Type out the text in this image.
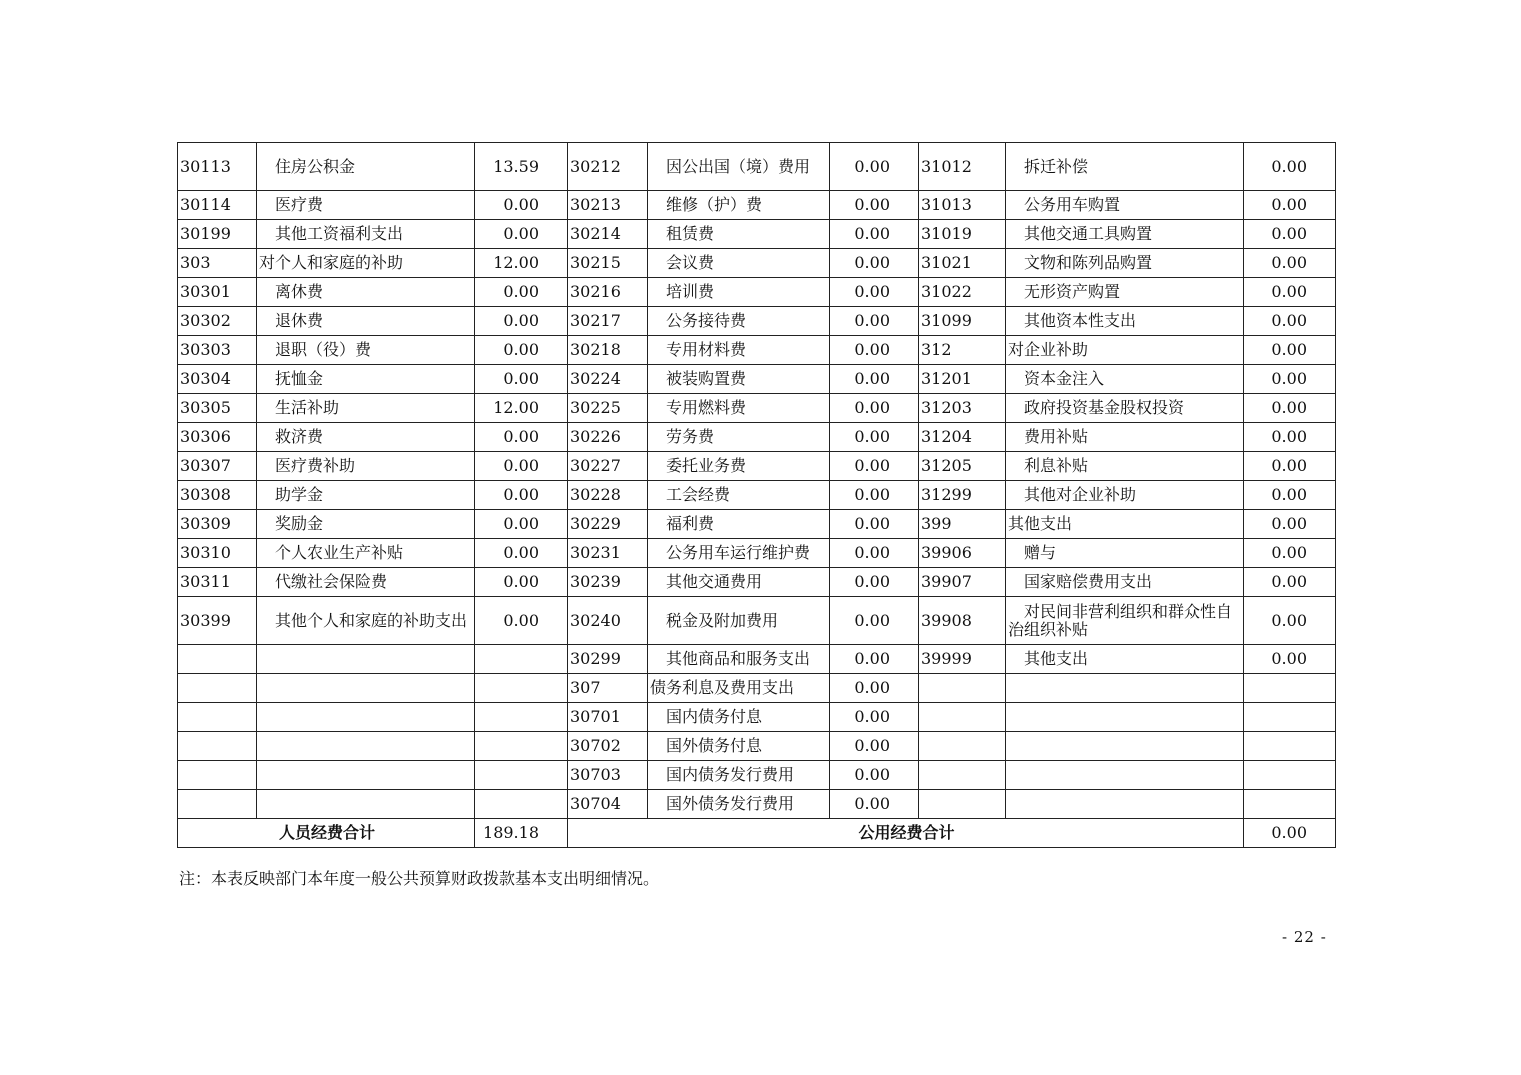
30113	住房公积金	13.59	30212	因公出国（境）费用	0.00	31012	拆迁补偿	0.00
30114	医疗费	0.00	30213	维修（护）费	0.00	31013	公务用车购置	0.00
30199	其他工资福利支出	0.00	30214	租赁费	0.00	31019	其他交通工具购置	0.00
303	对个人和家庭的补助	12.00	30215	会议费	0.00	31021	文物和陈列品购置	0.00
30301	离休费	0.00	30216	培训费	0.00	31022	无形资产购置	0.00
30302	退休费	0.00	30217	公务接待费	0.00	31099	其他资本性支出	0.00
30303	退职（役）费	0.00	30218	专用材料费	0.00	312	对企业补助	0.00
30304	抚恤金	0.00	30224	被装购置费	0.00	31201	资本金注入	0.00
30305	生活补助	12.00	30225	专用燃料费	0.00	31203	政府投资基金股权投资	0.00
30306	救济费	0.00	30226	劳务费	0.00	31204	费用补贴	0.00
30307	医疗费补助	0.00	30227	委托业务费	0.00	31205	利息补贴	0.00
30308	助学金	0.00	30228	工会经费	0.00	31299	其他对企业补助	0.00
30309	奖励金	0.00	30229	福利费	0.00	399	其他支出	0.00
30310	个人农业生产补贴	0.00	30231	公务用车运行维护费	0.00	39906	赠与	0.00
30311	代缴社会保险费	0.00	30239	其他交通费用	0.00	39907	国家赔偿费用支出	0.00
30399	其他个人和家庭的补助支出	0.00	30240	税金及附加费用	0.00	39908	对民间非营利组织和群众性自治组织补贴	0.00
			30299	其他商品和服务支出	0.00	39999	其他支出	0.00
			307	债务利息及费用支出	0.00			
			30701	国内债务付息	0.00			
			30702	国外债务付息	0.00			
			30703	国内债务发行费用	0.00			
			30704	国外债务发行费用	0.00			
人员经费合计		189.18	公用经费合计					0.00
注：本表反映部门本年度一般公共预算财政拨款基本支出明细情况。
- 22 -
